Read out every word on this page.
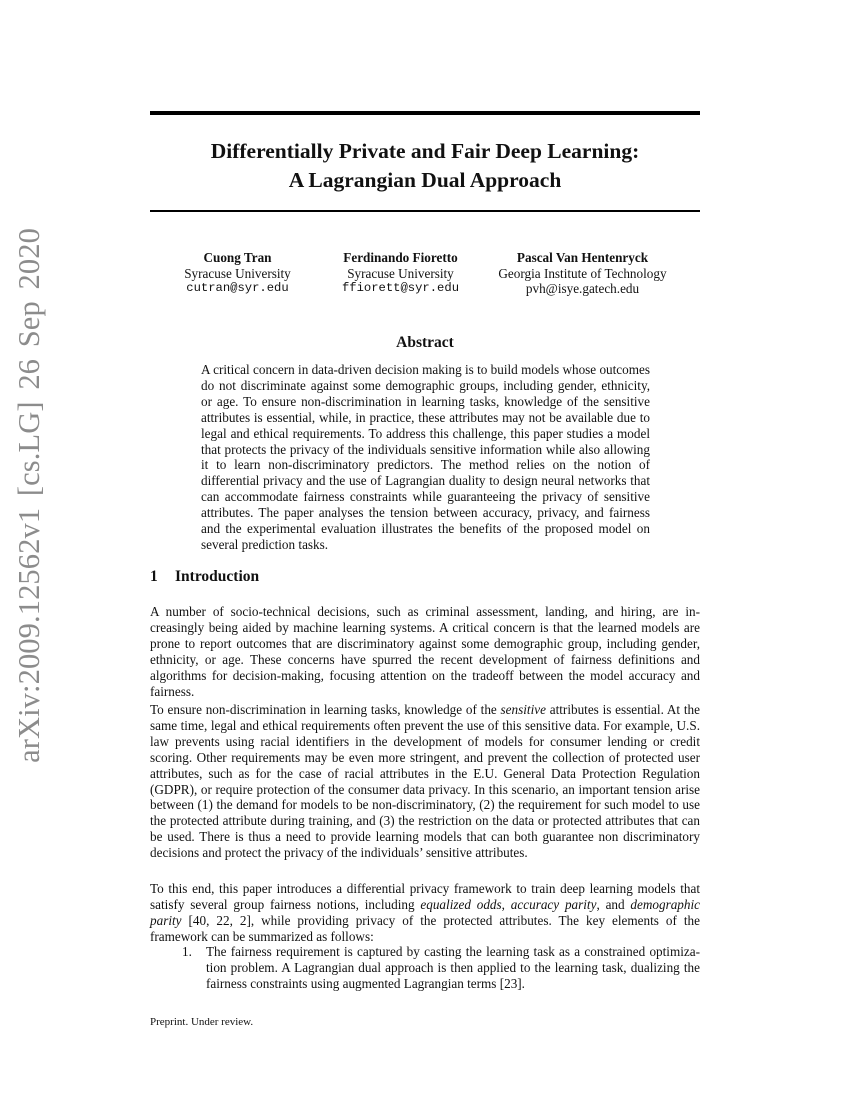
arXiv:2009.12562v1 [cs.LG] 26 Sep 2020
Differentially Private and Fair Deep Learning:
A Lagrangian Dual Approach
Cuong Tran
Syracuse University
cutran@syr.edu
Ferdinando Fioretto
Syracuse University
ffiorett@syr.edu
Pascal Van Hentenryck
Georgia Institute of Technology
pvh@isye.gatech.edu
Abstract
A critical concern in data-driven decision making is to build models whose outcomes do not discriminate against some demographic groups, including gender, ethnicity, or age. To ensure non-discrimination in learning tasks, knowledge of the sensitive attributes is essential, while, in practice, these attributes may not be available due to legal and ethical requirements. To address this challenge, this paper studies a model that protects the privacy of the individuals sensitive information while also allowing it to learn non-discriminatory predictors. The method relies on the notion of differential privacy and the use of Lagrangian duality to design neural networks that can accommodate fairness constraints while guaranteeing the privacy of sensitive attributes. The paper analyses the tension between accuracy, privacy, and fairness and the experimental evaluation illustrates the benefits of the proposed model on several prediction tasks.
1 Introduction
A number of socio-technical decisions, such as criminal assessment, landing, and hiring, are increasingly being aided by machine learning systems. A critical concern is that the learned models are prone to report outcomes that are discriminatory against some demographic group, including gender, ethnicity, or age. These concerns have spurred the recent development of fairness definitions and algorithms for decision-making, focusing attention on the tradeoff between the model accuracy and fairness.
To ensure non-discrimination in learning tasks, knowledge of the sensitive attributes is essential. At the same time, legal and ethical requirements often prevent the use of this sensitive data. For example, U.S. law prevents using racial identifiers in the development of models for consumer lending or credit scoring. Other requirements may be even more stringent, and prevent the collection of protected user attributes, such as for the case of racial attributes in the E.U. General Data Protection Regulation (GDPR), or require protection of the consumer data privacy. In this scenario, an important tension arise between (1) the demand for models to be non-discriminatory, (2) the requirement for such model to use the protected attribute during training, and (3) the restriction on the data or protected attributes that can be used. There is thus a need to provide learning models that can both guarantee non discriminatory decisions and protect the privacy of the individuals’ sensitive attributes.
To this end, this paper introduces a differential privacy framework to train deep learning models that satisfy several group fairness notions, including equalized odds, accuracy parity, and demographic parity [40, 22, 2], while providing privacy of the protected attributes. The key elements of the framework can be summarized as follows:
1.	The fairness requirement is captured by casting the learning task as a constrained optimization problem. A Lagrangian dual approach is then applied to the learning task, dualizing the fairness constraints using augmented Lagrangian terms [23].
Preprint. Under review.
